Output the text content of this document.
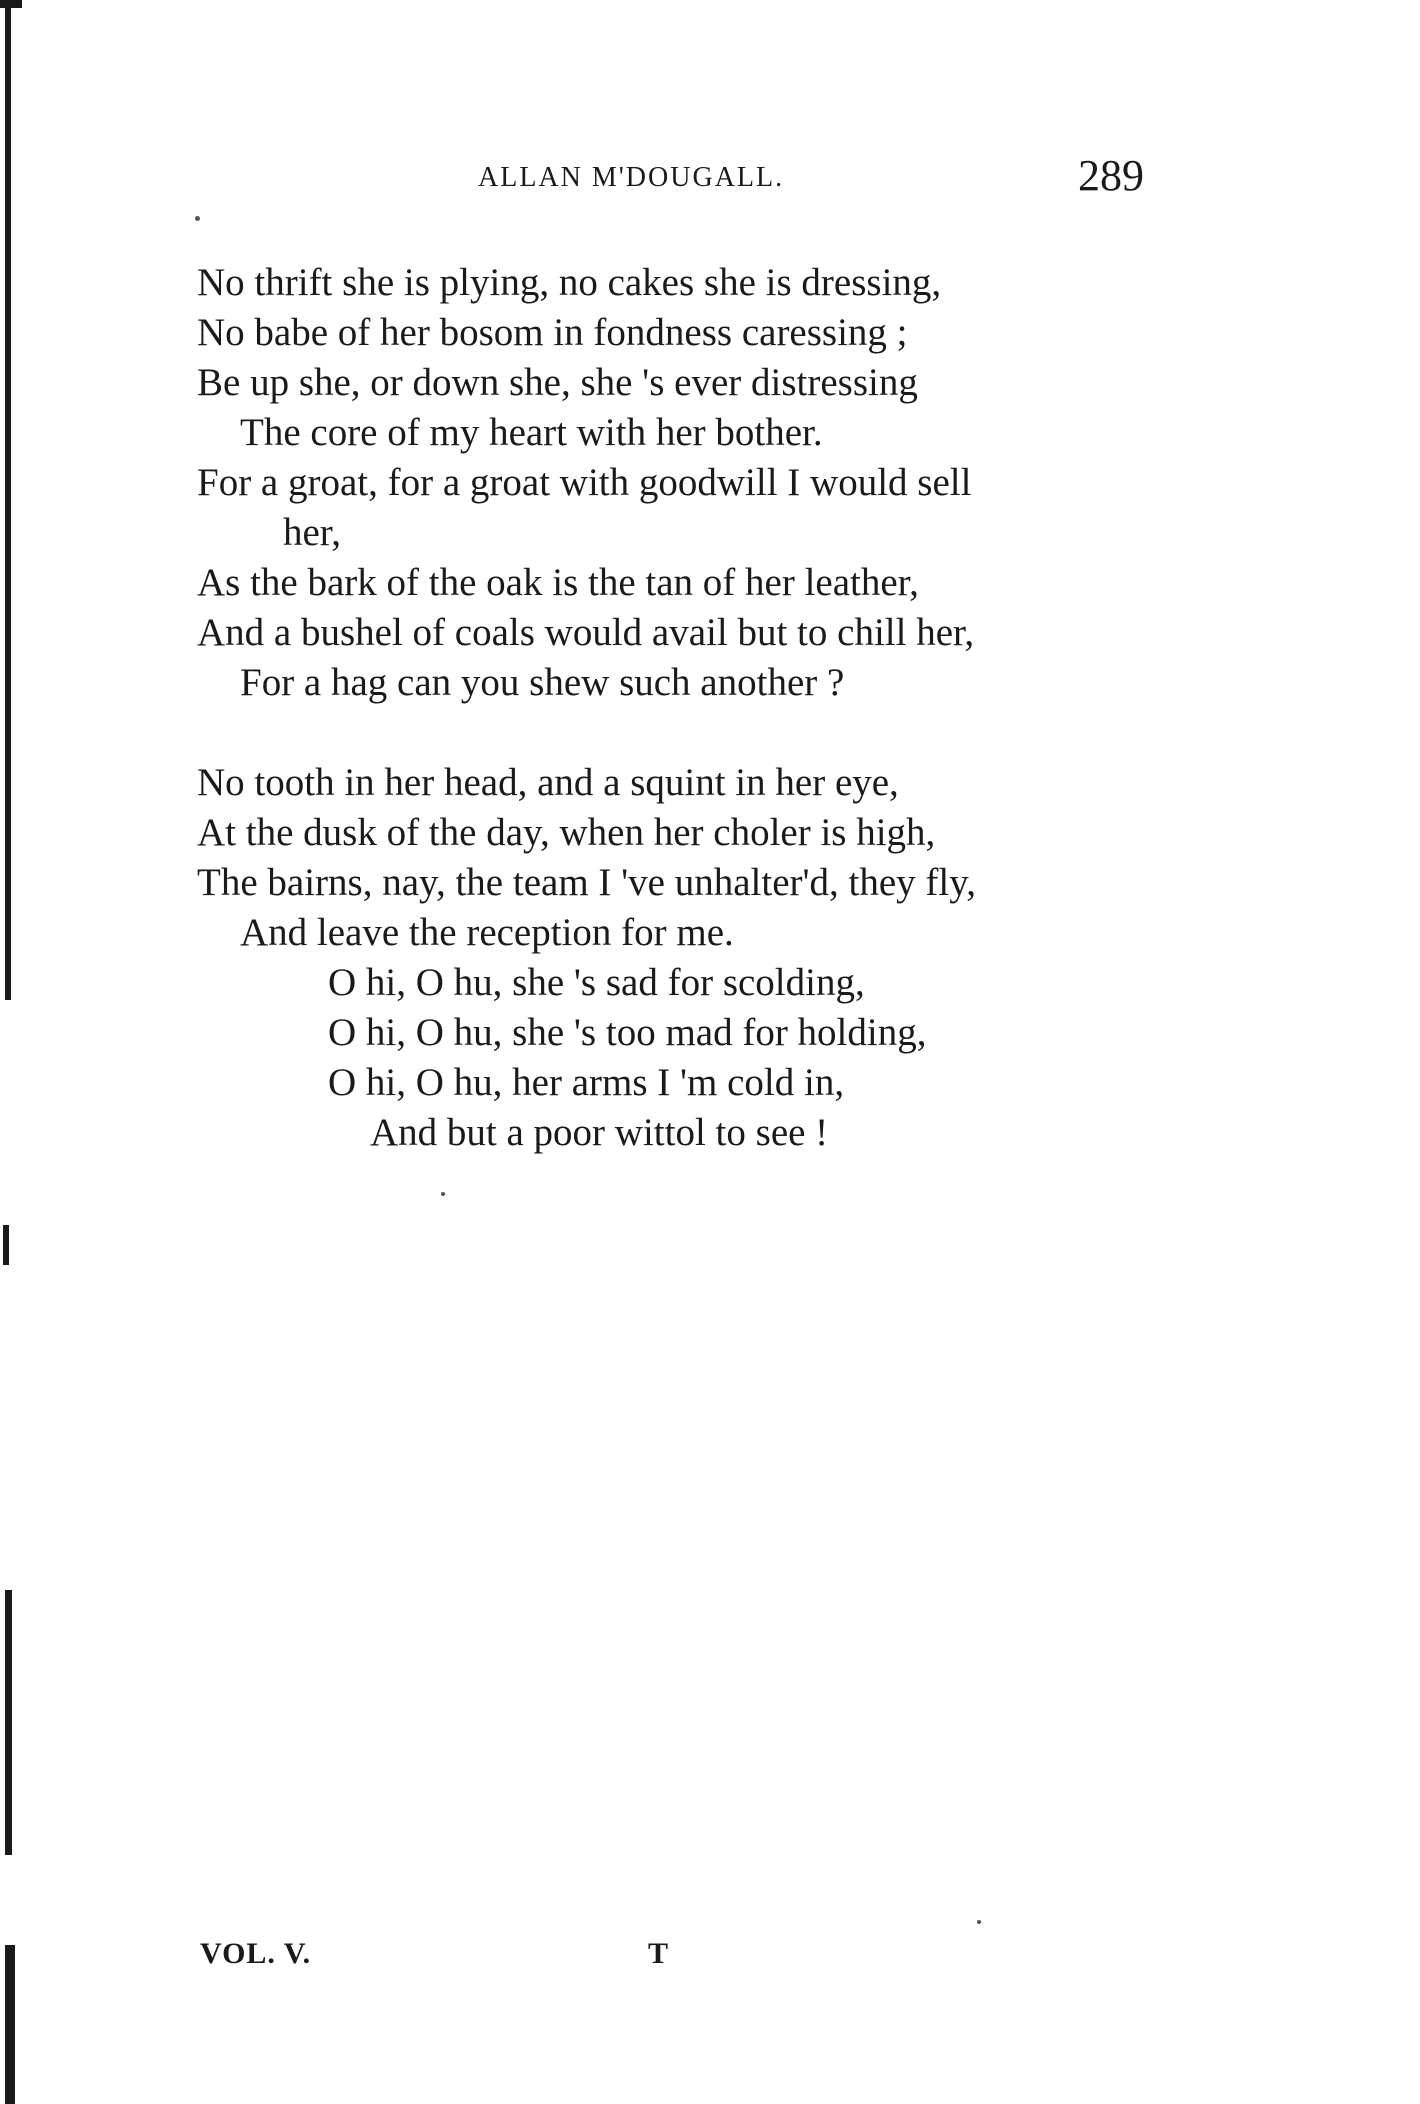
ALLAN M'DOUGALL.	289
No thrift she is plying, no cakes she is dressing,
No babe of her bosom in fondness caressing ;
Be up she, or down she, she 's ever distressing
The core of my heart with her bother.
For a groat, for a groat with goodwill I would sell
her,
As the bark of the oak is the tan of her leather,
And a bushel of coals would avail but to chill her,
For a hag can you shew such another ?
No tooth in her head, and a squint in her eye,
At the dusk of the day, when her choler is high,
The bairns, nay, the team I 've unhalter'd, they fly,
And leave the reception for me.
O hi, O hu, she 's sad for scolding,
O hi, O hu, she 's too mad for holding,
O hi, O hu, her arms I 'm cold in,
And but a poor wittol to see !
VOL. V.	T
